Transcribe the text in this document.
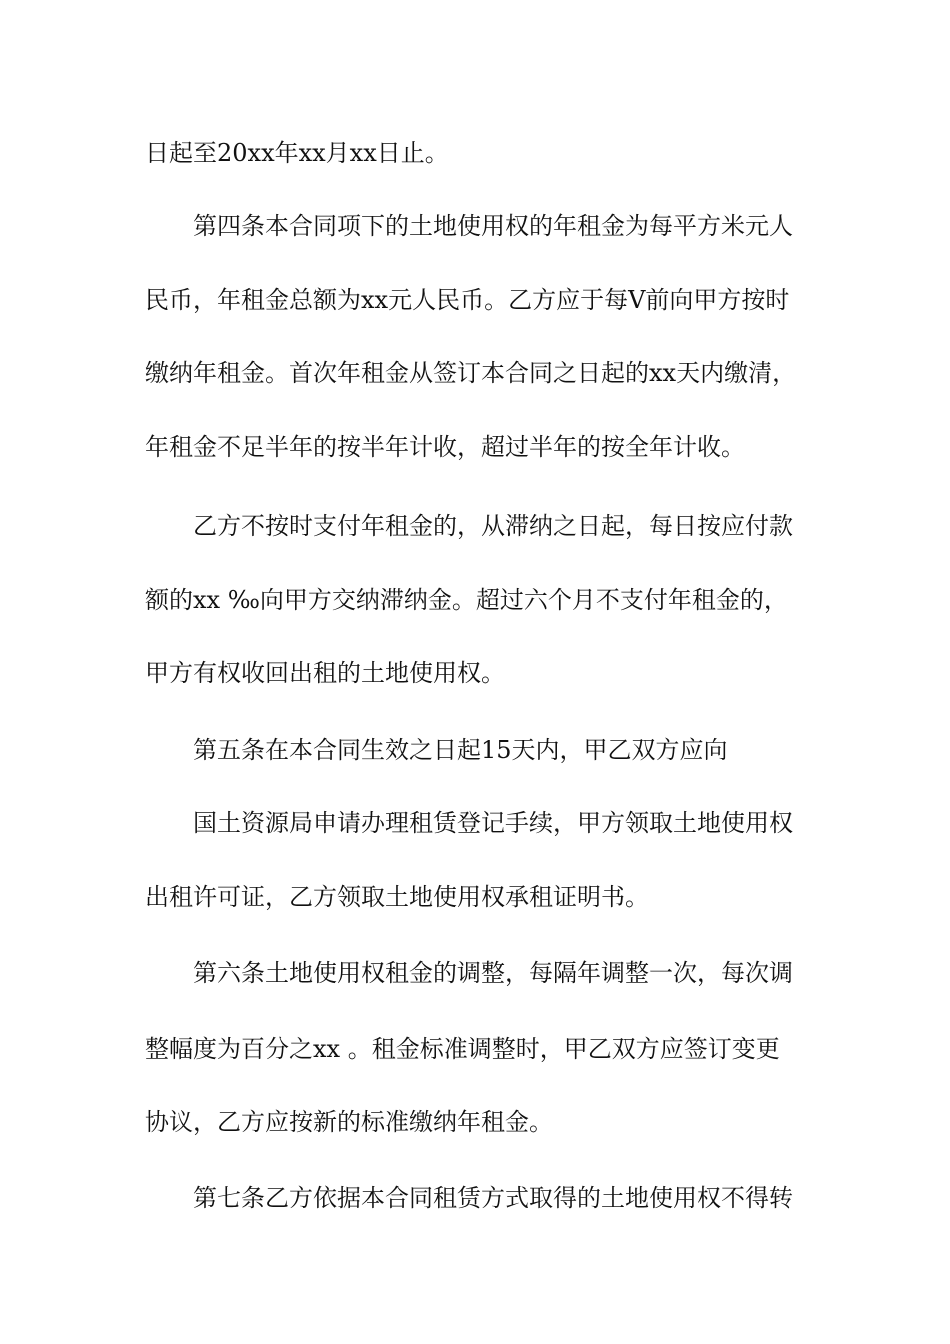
日起至20xx年xx月xx日止。

第四条本合同项下的土地使用权的年租金为每平方米元人

民币，年租金总额为xx元人民币。乙方应于每V前向甲方按时

缴纳年租金。首次年租金从签订本合同之日起的xx天内缴清，

年租金不足半年的按半年计收，超过半年的按全年计收。

乙方不按时支付年租金的，从滞纳之日起，每日按应付款

额的xx ‰向甲方交纳滞纳金。超过六个月不支付年租金的，

甲方有权收回出租的土地使用权。

第五条在本合同生效之日起15天内，甲乙双方应向

国土资源局申请办理租赁登记手续，甲方领取土地使用权

出租许可证，乙方领取土地使用权承租证明书。

第六条土地使用权租金的调整，每隔年调整一次，每次调

整幅度为百分之xx 。租金标准调整时，甲乙双方应签订变更

协议，乙方应按新的标准缴纳年租金。

第七条乙方依据本合同租赁方式取得的土地使用权不得转
